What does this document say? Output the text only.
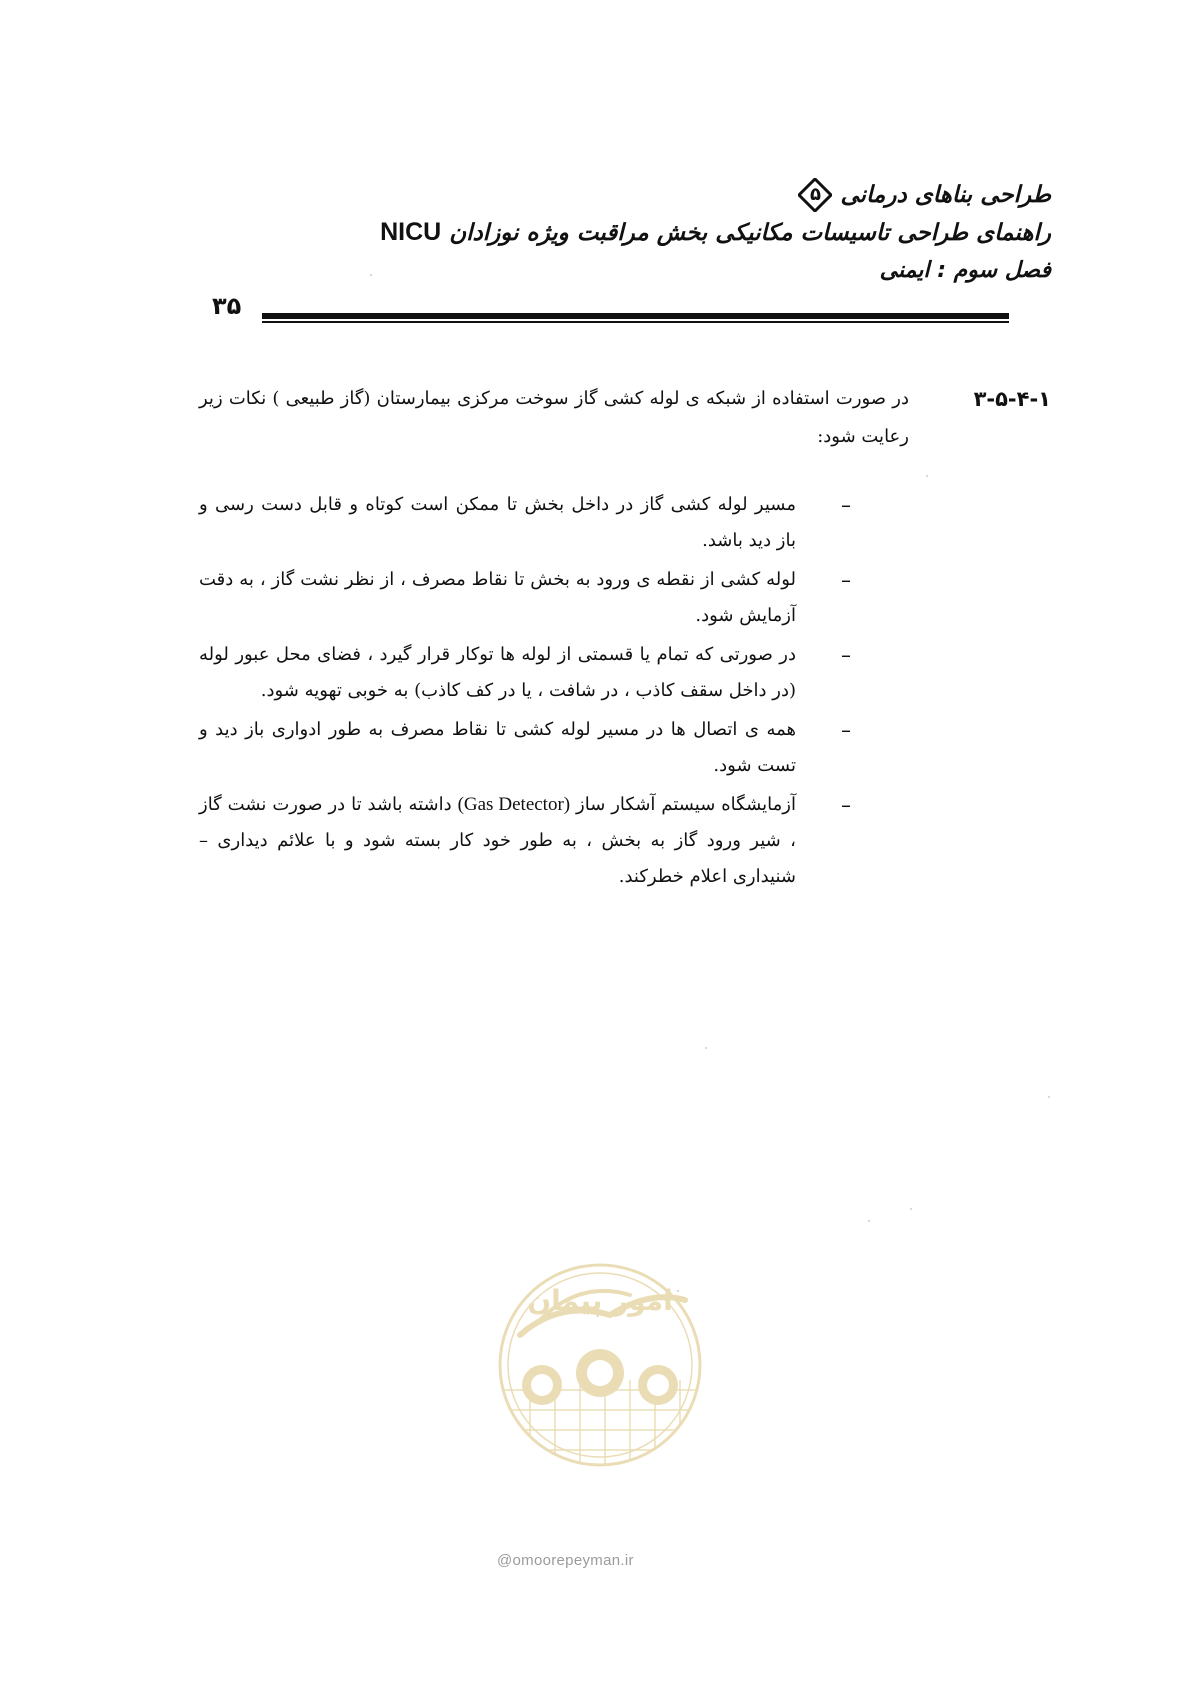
طراحی بناهای درمانی
۵
راهنمای طراحی تاسیسات مکانیکی بخش مراقبت ویژه نوزادانNICU
فصل سوم : ایمنی
۳۵
۳-۵-۴-۱
در صورت استفاده از شبکه ی لوله کشی گاز سوخت مرکزی بیمارستان (گاز طبیعی ) نکات زیر رعایت شود:
–
مسیر لوله کشی گاز در داخل بخش تا ممکن است کوتاه و قابل دست رسی و باز دید باشد.
–
لوله کشی از نقطه ی ورود به بخش تا نقاط مصرف ، از نظر نشت گاز ، به دقت آزمایش شود.
–
در صورتی که تمام یا قسمتی از لوله ها توکار قرار گیرد ، فضای محل عبور لوله (در داخل سقف کاذب ، در شافت ، یا در کف کاذب) به خوبی تهویه شود.
–
همه ی اتصال ها در مسیر لوله کشی تا نقاط مصرف به طور ادواری باز دید و تست شود.
–
آزمایشگاه سیستم آشکار ساز (Gas Detector) داشته باشد تا در صورت نشت گاز ، شیر ورود گاز به بخش ، به طور خود کار بسته شود و با علائم دیداری – شنیداری اعلام خطرکند.
امور پیمان
@omoorepeyman.ir
